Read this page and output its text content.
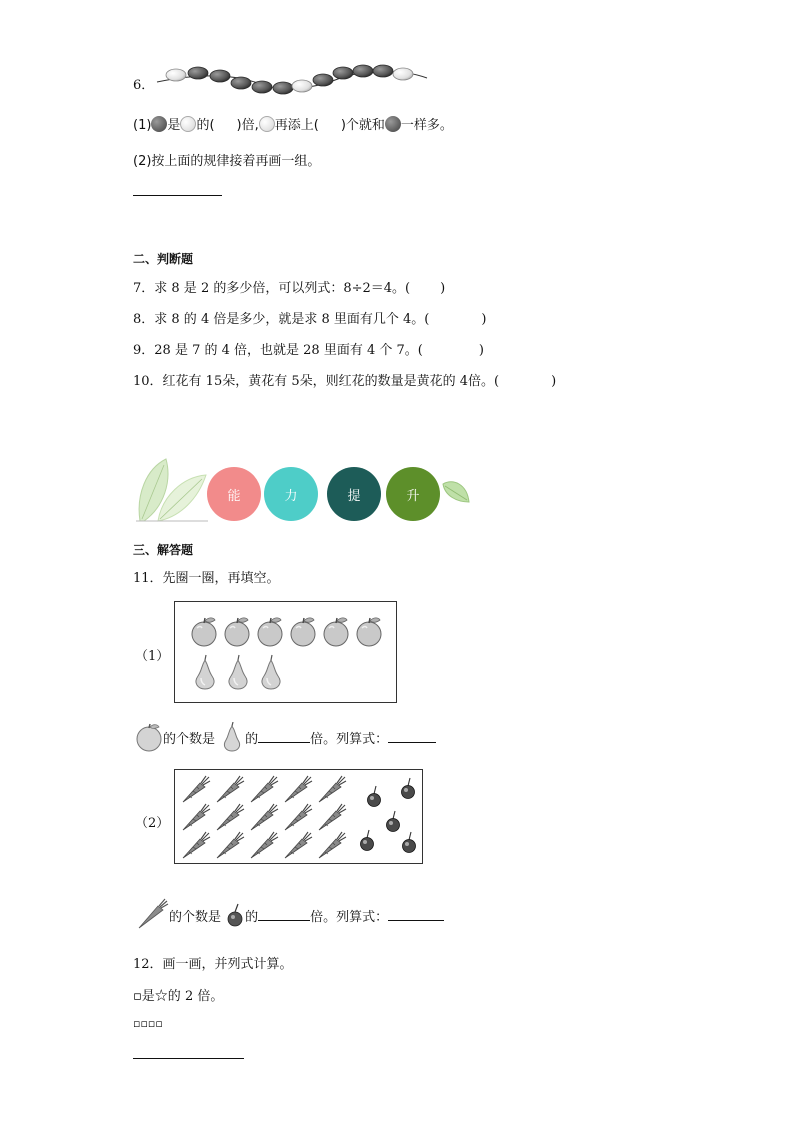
6．
(1) 是 的( )倍, 再添上( )个就和 一样多。
(2)按上面的规律接着再画一组。
二、判断题
7．求 8 是 2 的多少倍，可以列式：8÷2＝4。( )
8．求 8 的 4 倍是多少，就是求 8 里面有几个 4。(	)
9．28 是 7 的 4 倍，也就是 28 里面有 4 个 7。(	)
10．红花有 15朵，黄花有 5朵，则红花的数量是黄花的 4倍。(	)
能	力	提	升
三、解答题
11．先圈一圈，再填空。
（1）
的个数是 的	倍。列算式：
（2）
的个数是 的	倍。列算式：
12．画一画，并列式计算。
▫是☆的 2 倍。
▫▫▫▫
